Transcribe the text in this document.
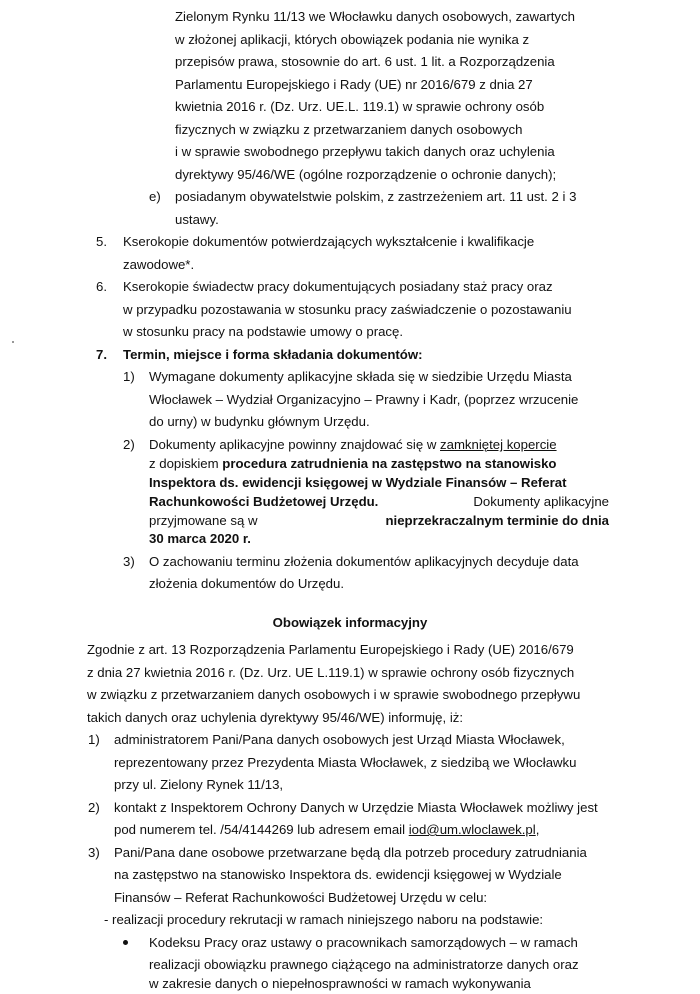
Zielonym Rynku 11/13 we Włocławku danych osobowych, zawartych
w złożonej aplikacji, których obowiązek podania nie wynika z
przepisów prawa, stosownie do art. 6 ust. 1 lit. a Rozporządzenia
Parlamentu Europejskiego i Rady (UE) nr 2016/679 z dnia 27
kwietnia 2016 r. (Dz. Urz. UE.L. 119.1) w sprawie ochrony osób
fizycznych w związku z przetwarzaniem danych osobowych
i w sprawie swobodnego przepływu takich danych oraz uchylenia
dyrektywy 95/46/WE (ogólne rozporządzenie o ochronie danych);
e) posiadanym obywatelstwie polskim, z zastrzeżeniem art. 11 ust. 2 i 3
ustawy.
5. Kserokopie dokumentów potwierdzających wykształcenie i kwalifikacje
zawodowe*.
6. Kserokopie świadectw pracy dokumentujących posiadany staż pracy oraz
w przypadku pozostawania w stosunku pracy zaświadczenie o pozostawaniu
w stosunku pracy na podstawie umowy o pracę.
7. Termin, miejsce i forma składania dokumentów:
1) Wymagane dokumenty aplikacyjne składa się w siedzibie Urzędu Miasta
Włocławek – Wydział Organizacyjno – Prawny i Kadr, (poprzez wrzucenie
do urny) w budynku głównym Urzędu.
2) Dokumenty aplikacyjne powinny znajdować się w zamkniętej kopercie
z dopiskiem procedura zatrudnienia na zastępstwo na stanowisko
Inspektora ds. ewidencji księgowej w Wydziale Finansów – Referat
Rachunkowości Budżetowej Urzędu.	Dokumenty aplikacyjne
przyjmowane są w	nieprzekraczalnym terminie do dnia
30 marca 2020 r.
3) O zachowaniu terminu złożenia dokumentów aplikacyjnych decyduje data
złożenia dokumentów do Urzędu.
Obowiązek informacyjny
Zgodnie z art. 13 Rozporządzenia Parlamentu Europejskiego i Rady (UE) 2016/679
z dnia 27 kwietnia 2016 r. (Dz. Urz. UE L.119.1) w sprawie ochrony osób fizycznych
w związku z przetwarzaniem danych osobowych i w sprawie swobodnego przepływu
takich danych oraz uchylenia dyrektywy 95/46/WE) informuję, iż:
1) administratorem Pani/Pana danych osobowych jest Urząd Miasta Włocławek,
reprezentowany przez Prezydenta Miasta Włocławek, z siedzibą we Włocławku
przy ul. Zielony Rynek 11/13,
2) kontakt z Inspektorem Ochrony Danych w Urzędzie Miasta Włocławek możliwy jest
pod numerem tel. /54/4144269 lub adresem email iod@um.wloclawek.pl,
3) Pani/Pana dane osobowe przetwarzane będą dla potrzeb procedury zatrudniania
na zastępstwo na stanowisko Inspektora ds. ewidencji księgowej w Wydziale
Finansów – Referat Rachunkowości Budżetowej Urzędu w celu:
- realizacji procedury rekrutacji w ramach niniejszego naboru na podstawie:
Kodeksu Pracy oraz ustawy o pracownikach samorządowych – w ramach
realizacji obowiązku prawnego ciążącego na administratorze danych oraz
w zakresie danych o niepełnosprawności w ramach wykonywania
